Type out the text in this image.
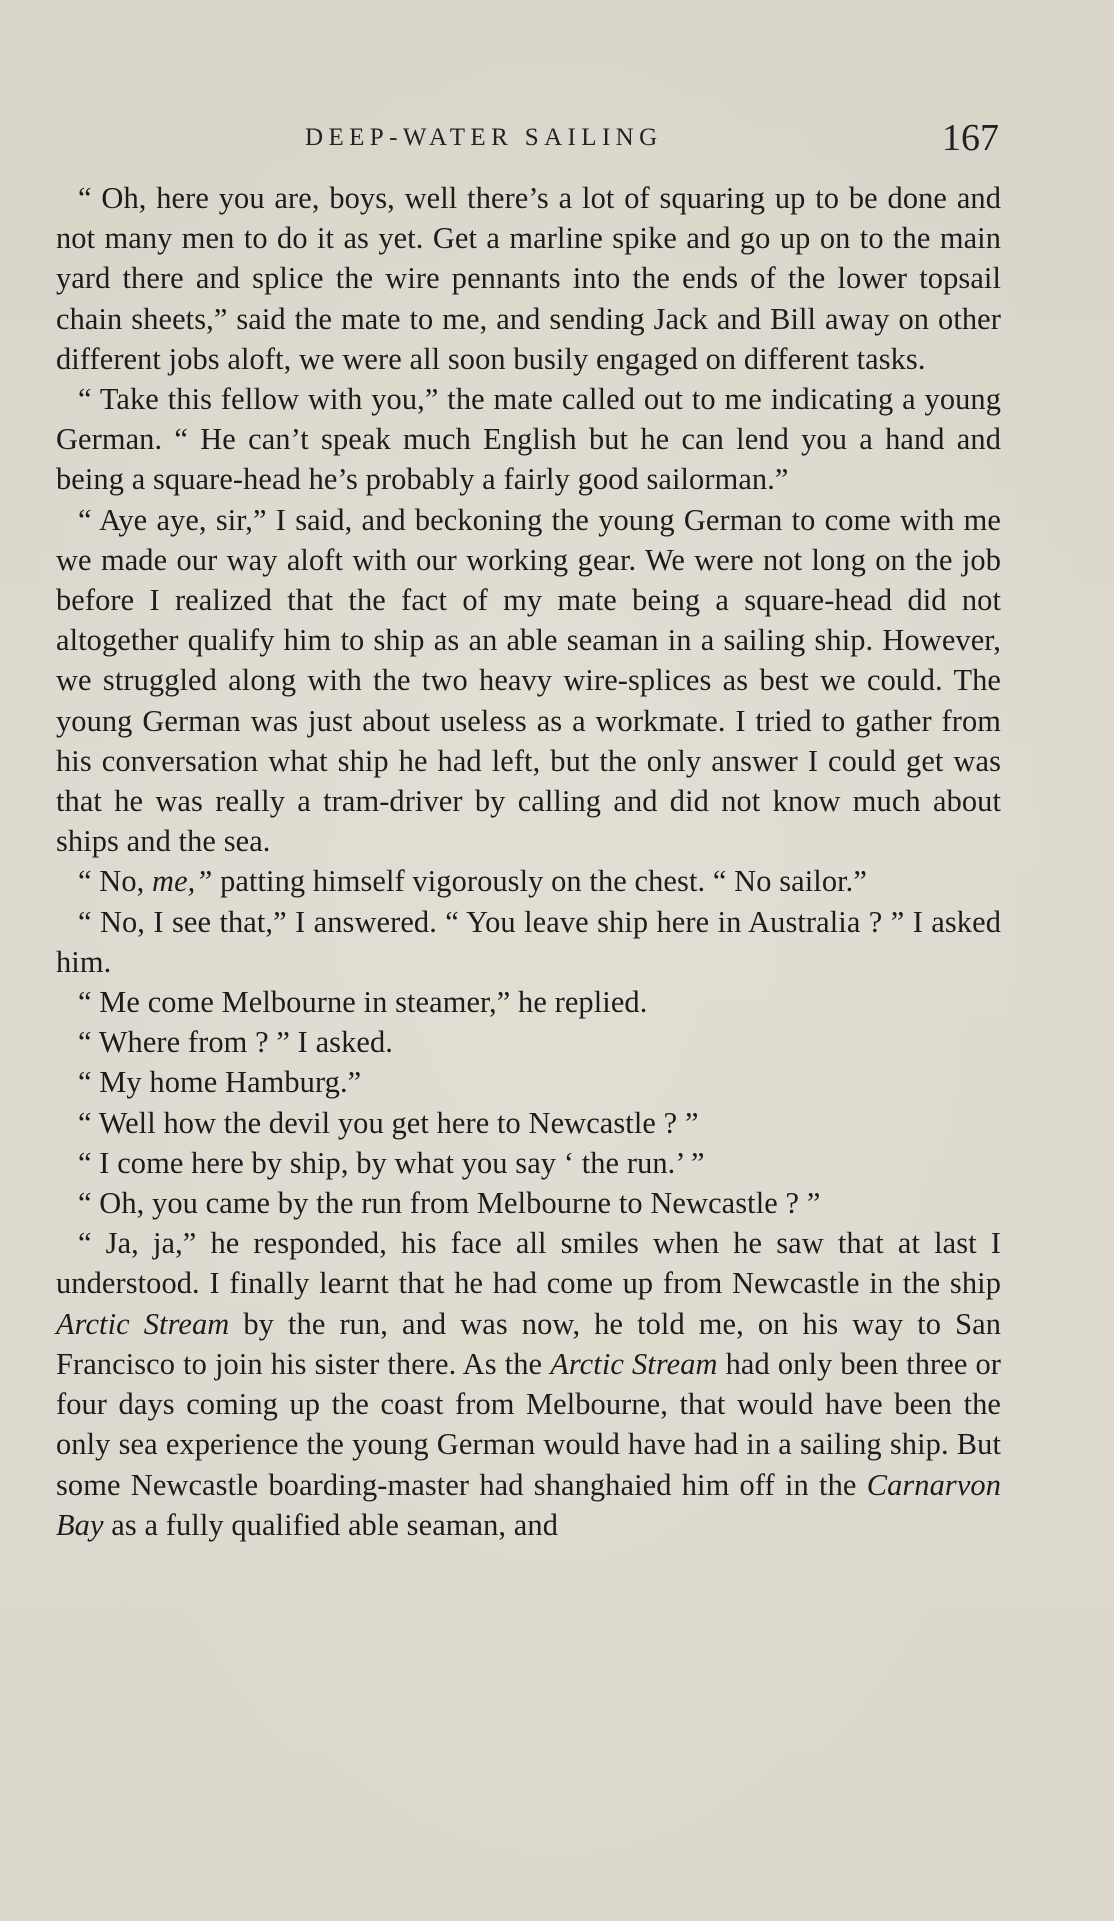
DEEP-WATER SAILING	167

“ Oh, here you are, boys, well there’s a lot of squaring up to be done and not many men to do it as yet. Get a marline spike and go up on to the main yard there and splice the wire pennants into the ends of the lower topsail chain sheets,” said the mate to me, and sending Jack and Bill away on other different jobs aloft, we were all soon busily engaged on different tasks.

“ Take this fellow with you,” the mate called out to me indicating a young German. “ He can’t speak much English but he can lend you a hand and being a square-head he’s probably a fairly good sailorman.”

“ Aye aye, sir,” I said, and beckoning the young German to come with me we made our way aloft with our working gear. We were not long on the job before I realized that the fact of my mate being a square-head did not altogether qualify him to ship as an able seaman in a sailing ship. However, we struggled along with the two heavy wire-splices as best we could. The young German was just about useless as a workmate. I tried to gather from his conversation what ship he had left, but the only answer I could get was that he was really a tram-driver by calling and did not know much about ships and the sea.

“ No, me,” patting himself vigorously on the chest. “ No sailor.”

“ No, I see that,” I answered. “ You leave ship here in Australia ? ” I asked him.

“ Me come Melbourne in steamer,” he replied.

“ Where from ? ” I asked.

“ My home Hamburg.”

“ Well how the devil you get here to Newcastle ? ”

“ I come here by ship, by what you say ‘ the run.’ ”

“ Oh, you came by the run from Melbourne to Newcastle ? ”

“ Ja, ja,” he responded, his face all smiles when he saw that at last I understood. I finally learnt that he had come up from Newcastle in the ship Arctic Stream by the run, and was now, he told me, on his way to San Francisco to join his sister there. As the Arctic Stream had only been three or four days coming up the coast from Melbourne, that would have been the only sea experience the young German would have had in a sailing ship. But some Newcastle boarding-master had shanghaied him off in the Carnarvon Bay as a fully qualified able seaman, and
